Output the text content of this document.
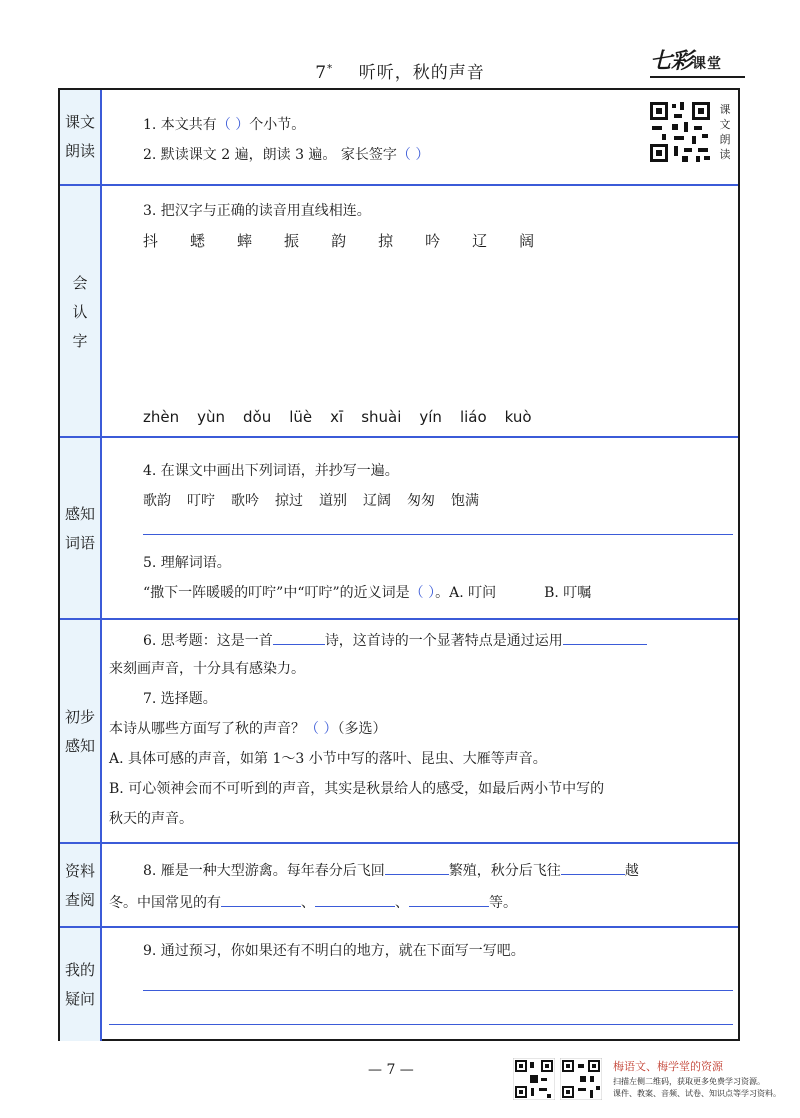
7* 听听，秋的声音	七彩课堂
课文
朗读
1. 本文共有（ ）个小节。
2. 默读课文 2 遍，朗读 3 遍。 家长签字（ ）
课
文
朗
读
会
认
字
3. 把汉字与正确的读音用直线相连。
抖 蟋 蟀 振 韵 掠 吟 辽 阔
zhèn yùn dǒu lüè xī shuài yín liáo kuò
感知
词语
4. 在课文中画出下列词语，并抄写一遍。
歌韵 叮咛 歌吟 掠过 道别 辽阔 匆匆 饱满
5. 理解词语。
“撒下一阵暖暖的叮咛”中“叮咛”的近义词是（ ）。A. 叮问	B. 叮嘱
初步
感知
6. 思考题：这是一首	诗，这首诗的一个显著特点是通过运用
来刻画声音，十分具有感染力。
7. 选择题。
本诗从哪些方面写了秋的声音？（ ）（多选）
A. 具体可感的声音，如第 1～3 小节中写的落叶、昆虫、大雁等声音。
B. 可心领神会而不可听到的声音，其实是秋景给人的感受，如最后两小节中写的
秋天的声音。
资料
查阅
8. 雁是一种大型游禽。每年春分后飞回	繁殖，秋分后飞往	越
冬。中国常见的有	、	、	等。
我的
疑问
9. 通过预习，你如果还有不明白的地方，就在下面写一写吧。
— 7 —	梅语文、梅学堂的资源
扫描左侧二维码，获取更多免费学习资源。
课件、教案、音频、试卷、知识点等学习资料。
